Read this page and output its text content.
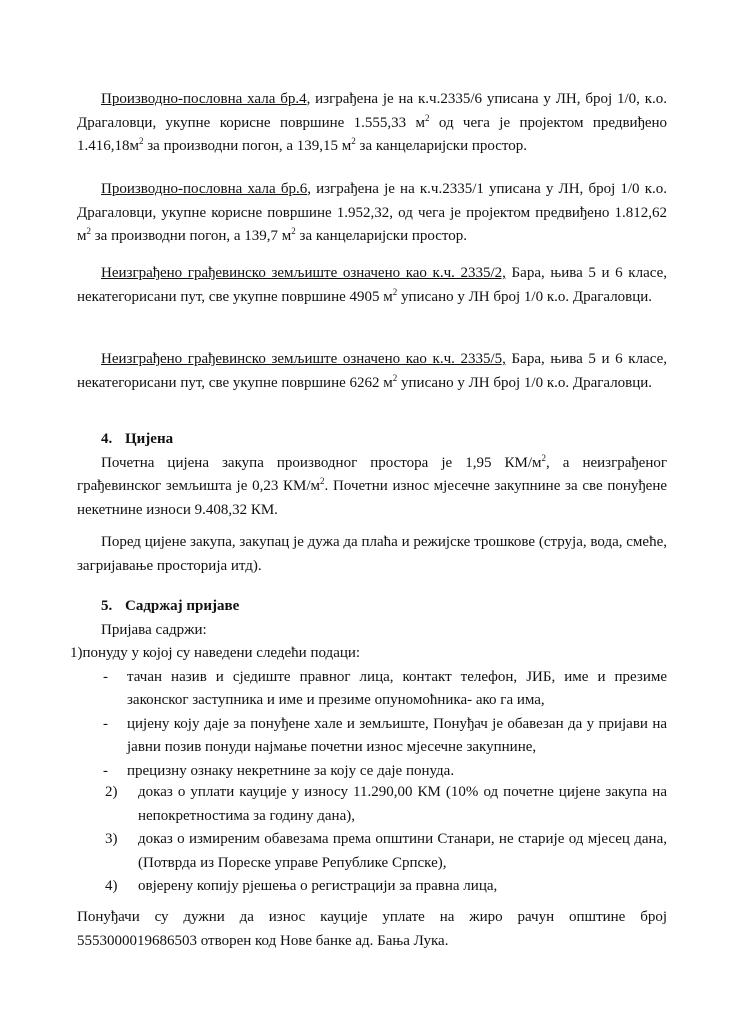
Производно-пословна хала бр.4, изграђена је на к.ч.2335/6 уписана у ЛН, број 1/0, к.о. Драгаловци, укупне корисне површине 1.555,33 $м^2$ од чега је пројектом предвиђено $1.416,18м^2$ за производни погон, а 139,15 $м^2$ за канцеларијски простор.

Производно-пословна хала бр.6, изграђена је на к.ч.2335/1 уписана у ЛН, број 1/0 к.о. Драгаловци, укупне корисне површине 1.952,32, од чега је пројектом предвиђено 1.812,62 $м^2$ за производни погон, а 139,7 $м^2$ за канцеларијски простор.

Неизграђено грађевинско земљиште означено као к.ч. 2335/2, Бара, њива 5 и 6 класе, некатегорисани пут, све укупне површине 4905 $м^2$ уписано у ЛН број 1/0 к.о. Драгаловци.

Неизграђено грађевинско земљиште означено као к.ч. 2335/5, Бара, њива 5 и 6 класе, некатегорисани пут, све укупне површине 6262 $м^2$ уписано у ЛН број 1/0 к.о. Драгаловци.

4. Цијена

Почетна цијена закупа производног простора је 1,95 $КМ/м^2$, а неизграђеног грађевинског земљишта је 0,23 $КМ/м^2$. Почетни износ мјесечне закупнине за све понуђене некетнине износи 9.408,32 КМ.

Поред цијене закупа, закупац је дужа да плаћа и режијске трошкове (струја, вода, смеће, загријавање просторија итд).

5. Садржај пријаве

Пријава садржи:

1)понуду у којој су наведени следећи подаци:

- тачан назив и сједиште правног лица, контакт телефон, ЈИБ, име и презиме законског заступника и име и презиме опуномоћника- ако га има,
- цијену коју даје за понуђене хале и земљиште, Понуђач је обавезан да у пријави на јавни позив понуди најмање почетни износ мјесечне закупнине,
- прецизну ознаку некретнине за коју се даје понуда.
2) доказ о уплати кауције у износу 11.290,00 КМ (10% од почетне цијене закупа на непокретностима за годину дана),
3) доказ о измиреним обавезама према општини Станари, не старије од мјесец дана, (Потврда из Пореске управе Републике Српске),
4) овјерену копију рјешења о регистрацији за правна лица,

Понуђачи су дужни да износ кауције уплате на жиро рачун општине број 5553000019686503 отворен код Нове банке ад. Бања Лука.
